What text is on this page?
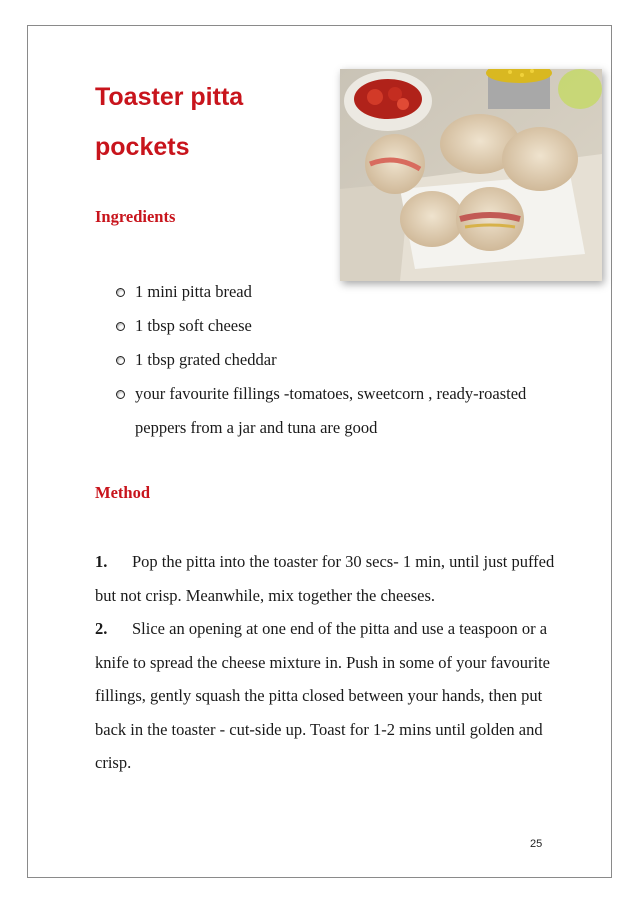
Toaster pitta pockets
Ingredients
1 mini pitta bread
1 tbsp soft cheese
1 tbsp grated cheddar
your favourite fillings -tomatoes, sweetcorn , ready-roasted peppers from a jar and tuna are good
Method

1. Pop the pitta into the toaster for 30 secs- 1 min, until just puffed but not crisp. Meanwhile, mix together the cheeses.

2. Slice an opening at one end of the pitta and use a teaspoon or a knife to spread the cheese mixture in. Push in some of your favourite fillings, gently squash the pitta closed between your hands, then put back in the toaster - cut-side up. Toast for 1-2 mins until golden and crisp.

25
